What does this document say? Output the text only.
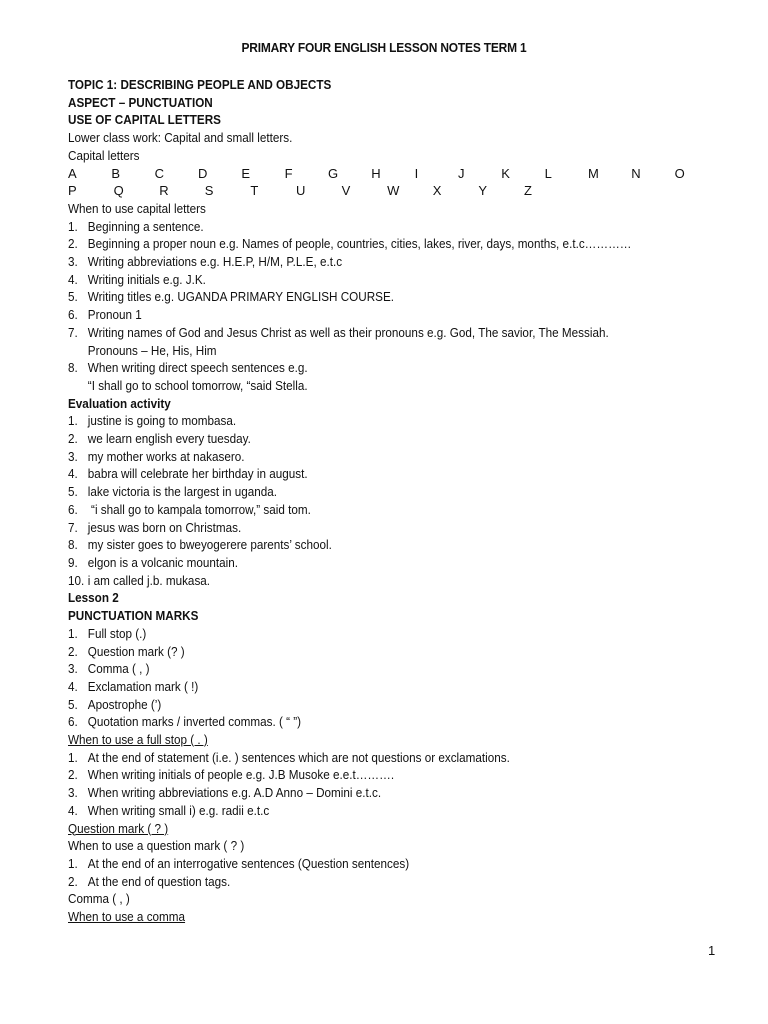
PRIMARY FOUR ENGLISH LESSON NOTES TERM 1
TOPIC 1: DESCRIBING PEOPLE AND OBJECTS
ASPECT – PUNCTUATION
USE OF CAPITAL LETTERS
Lower class work: Capital and small letters.
Capital letters
A	B	C	D	E	F	G	H	I	J	K	L	M	N	O
P	Q	R	S	T	U	V	W	X	Y	Z
When to use capital letters
1. Beginning a sentence.
2. Beginning a proper noun e.g. Names of people, countries, cities, lakes, river, days, months, e.t.c…………
3. Writing abbreviations e.g. H.E.P, H/M, P.L.E, e.t.c
4. Writing initials e.g. J.K.
5. Writing titles e.g. UGANDA PRIMARY ENGLISH COURSE.
6. Pronoun 1
7. Writing names of God and Jesus Christ as well as their pronouns e.g. God, The savior, The Messiah.
Pronouns – He, His, Him
8. When writing direct speech sentences e.g.
“I shall go to school tomorrow, “said Stella.
Evaluation activity
1. justine is going to mombasa.
2. we learn english every tuesday.
3. my mother works at nakasero.
4. babra will celebrate her birthday in august.
5. lake victoria is the largest in uganda.
6. “i shall go to kampala tomorrow,” said tom.
7. jesus was born on Christmas.
8. my sister goes to bweyogerere parents’ school.
9. elgon is a volcanic mountain.
10. i am called j.b. mukasa.
Lesson 2
PUNCTUATION MARKS
1. Full stop (.)
2. Question mark (? )
3. Comma ( , )
4. Exclamation mark ( !)
5. Apostrophe (’)
6. Quotation marks / inverted commas. ( “ ”)
When to use a full stop ( . )
1. At the end of statement (i.e. ) sentences which are not questions or exclamations.
2. When writing initials of people e.g. J.B Musoke e.e.t……….
3. When writing abbreviations e.g. A.D Anno – Domini e.t.c.
4. When writing small i) e.g. radii e.t.c
Question mark ( ? )
When to use a question mark ( ? )
1. At the end of an interrogative sentences (Question sentences)
2. At the end of question tags.
Comma ( , )
When to use a comma
1
